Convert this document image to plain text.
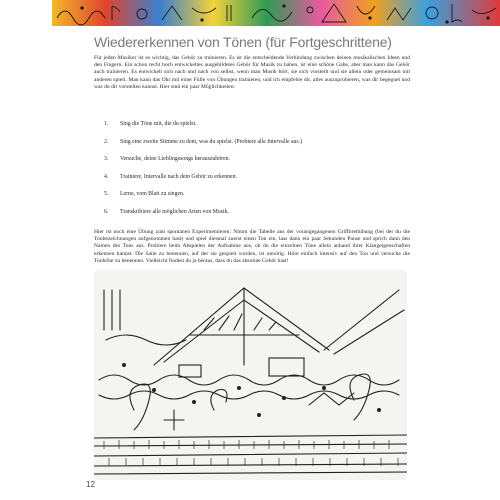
Wiedererkennen von Tönen (für Fortgeschrittene)

Für jeden Musiker ist es wichtig, das Gehör zu trainieren. Es ist die entscheidende Verbindung zwischen deinen musikalischen Ideen und den Fingern. Ein schon recht hoch entwickeltes ausgebildetes Gehör für Musik zu haben, ist eine schöne Gabe, aber man kann das Gehör auch trainieren. Es entwickelt sich nach und nach von selbst, wenn man Musik hört, sie sich vorstellt und sie allein oder gemeinsam mit anderen spielt. Man kann das Ohr mit einer Fülle von Übungen trainieren, und ich empfehle dir, alles auszuprobieren, was dir begegnet und was du dir vorstellen kannst. Hier sind ein paar Möglichkeiten:

1.	Sing die Töne mit, die du spielst.
2.	Sing eine zweite Stimme zu dem, was du spielst. (Probiere alle Intervalle aus.)
3.	Versuche, deine Lieblingssongs herauszuhören.
4.	Trainiere, Intervalle nach dem Gehör zu erkennen.
5.	Lerne, vom Blatt zu singen.
6.	Transkribiere alle möglichen Arten von Musik.

Hier ist noch eine Übung zum spontanen Experimentieren: Nimm die Tabelle aus der vorangegangenen Griffbrettübung (bei der du die Tonbezeichnungen aufgenommen hast) und spiel diesmal zuerst einen Ton ein, lass dann ein paar Sekunden Pause und sprich dann den Namen des Tons aus. Probiere beim Abspielen der Aufnahme aus, ob du die einzelnen Töne allein anhand ihrer Klangeigenschaften erkennen kannst. Die Saite zu benennen, auf der sie gespielt wurden, ist unnötig. Höre einfach intensiv auf den Ton und versuche die Tonhöhe zu benennen. Vielleicht findest du ja heraus, dass du das absolute Gehör hast!

12
